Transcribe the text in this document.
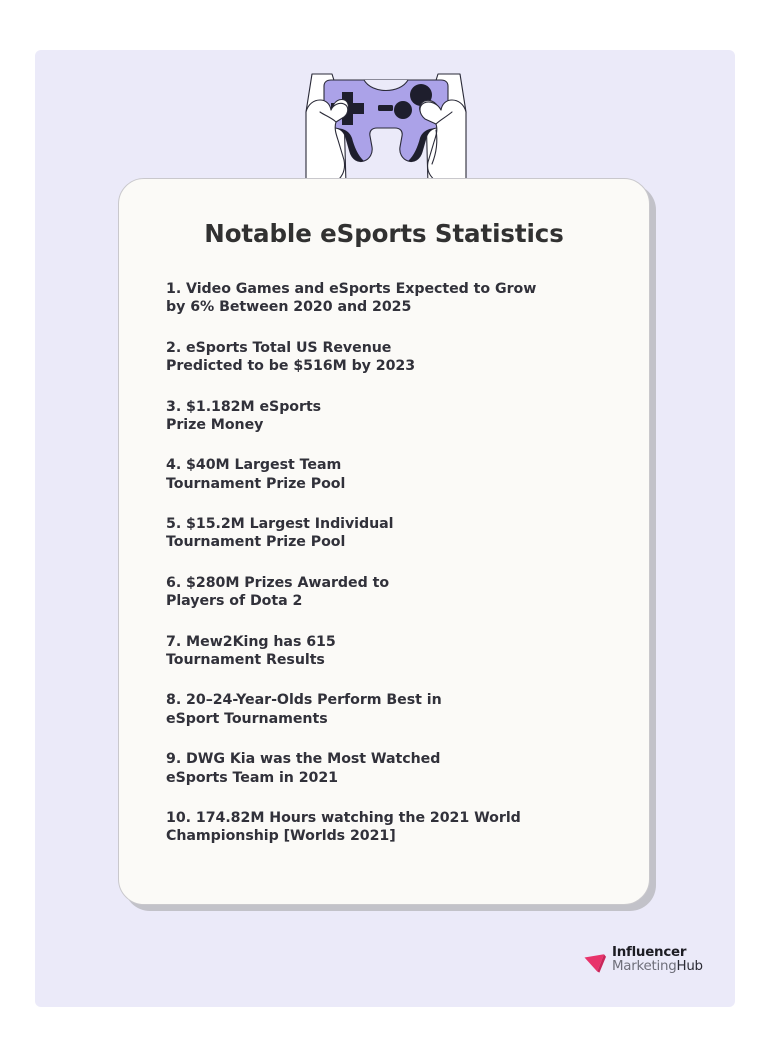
Notable eSports Statistics
1. Video Games and eSports Expected to Grow
by 6% Between 2020 and 2025
2. eSports Total US Revenue
Predicted to be $516M by 2023
3. $1.182M eSports
Prize Money
4. $40M Largest Team
Tournament Prize Pool
5. $15.2M Largest Individual
Tournament Prize Pool
6. $280M Prizes Awarded to
Players of Dota 2
7. Mew2King has 615
Tournament Results
8. 20–24-Year-Olds Perform Best in
eSport Tournaments
9. DWG Kia was the Most Watched
eSports Team in 2021
10. 174.82M Hours watching the 2021 World
Championship [Worlds 2021]
Influencer
MarketingHub
